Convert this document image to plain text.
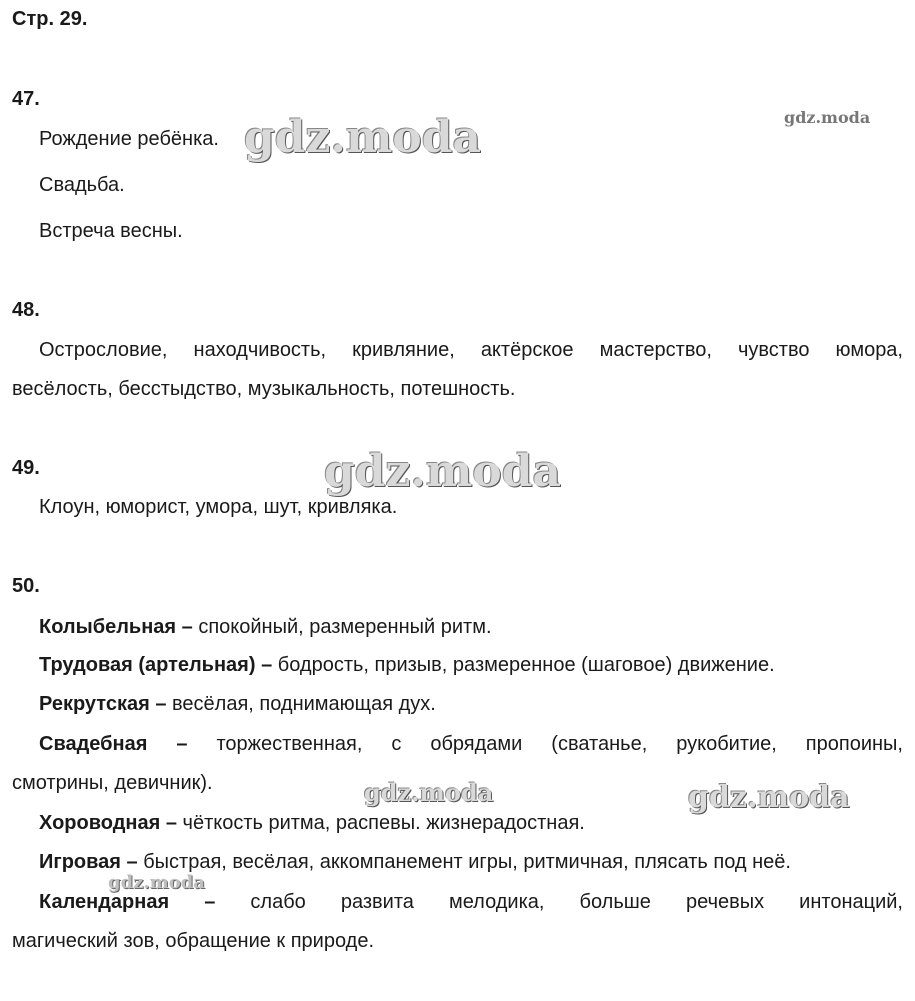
Стр. 29.
47.
Рождение ребёнка.
Свадьба.
Встреча весны.
48.
Острословие, находчивость, кривляние, актёрское мастерство, чувство юмора,
весёлость, бесстыдство, музыкальность, потешность.
49.
Клоун, юморист, умора, шут, кривляка.
50.
Колыбельная – спокойный, размеренный ритм.
Трудовая (артельная) – бодрость, призыв, размеренное (шаговое) движение.
Рекрутская – весёлая, поднимающая дух.
Свадебная – торжественная, с обрядами (сватанье, рукобитие, пропоины,
смотрины, девичник).
Хороводная – чёткость ритма, распевы. жизнерадостная.
Игровая – быстрая, весёлая, аккомпанемент игры, ритмичная, плясать под неё.
Календарная – слабо развита мелодика, больше речевых интонаций,
магический зов, обращение к природе.
gdz.moda	gdz.moda
gdz.moda
gdz.moda	gdz.moda
gdz.moda
